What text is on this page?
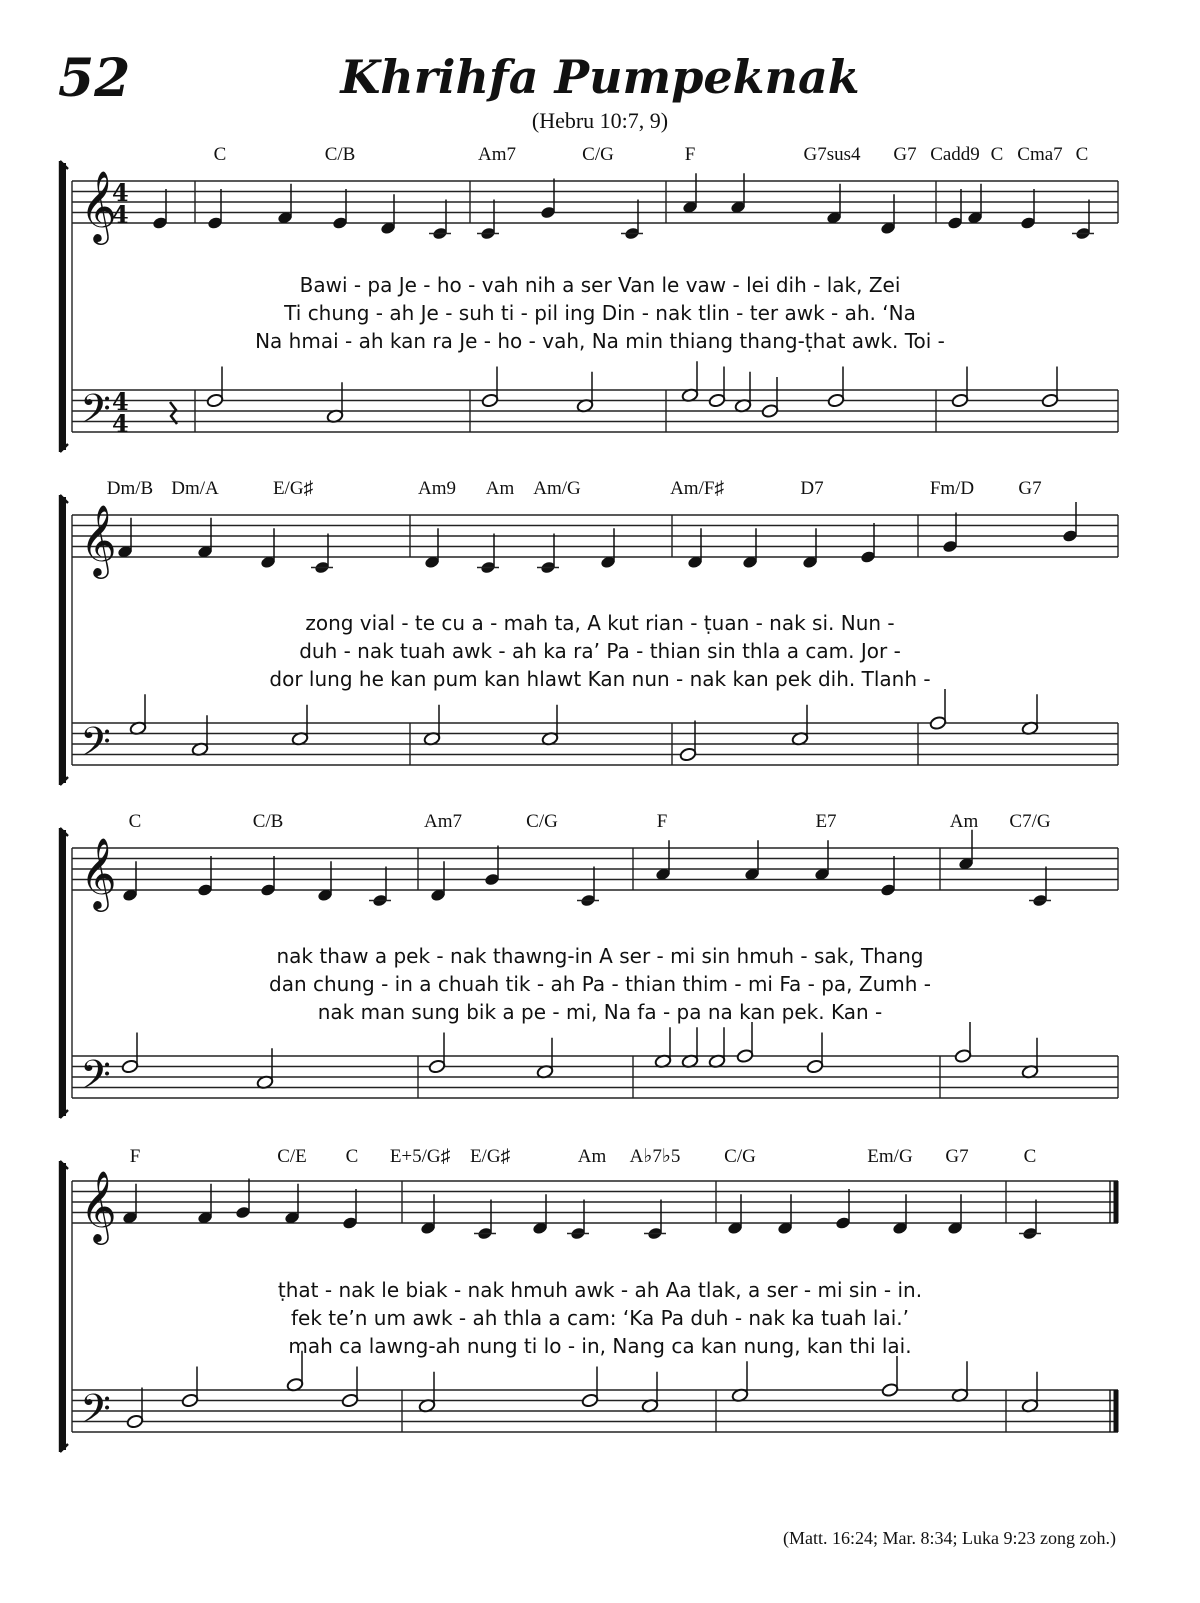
52	Khrihfa Pumpeknak
(Hebru 10:7, 9)
𝄞
𝄢
4
4
4
4
𝄞
𝄢
𝄞
𝄢
𝄞
𝄢
C	C/B	Am7	C/G	F	G7sus4 G7 Cadd9 C Cma7 C
Bawi - pa Je - ho - vah nih a ser Van le vaw - lei dih - lak, Zei
Ti chung - ah Je - suh ti - pil ing Din - nak tlin - ter awk - ah. ‘Na
Na hmai - ah kan ra Je - ho - vah, Na min thiang thang-ṭhat awk. Toi -
Dm/B Dm/A	E/G♯	Am9 Am Am/G	Am/F♯	D7	Fm/D G7
zong vial - te cu a - mah ta, A kut rian - ṭuan - nak si. Nun -
duh - nak tuah awk - ah ka ra’ Pa - thian sin thla a cam. Jor -
dor lung he kan pum kan hlawt Kan nun - nak kan pek dih. Tlanh -
C	C/B	Am7	C/G	F	E7	Am C7/G
nak thaw a pek - nak thawng-in A ser - mi sin hmuh - sak, Thang
dan chung - in a chuah tik - ah Pa - thian thim - mi Fa - pa, Zumh -
nak man sung bik a pe - mi, Na fa - pa na kan pek. Kan -
F	C/E C E+5/G♯ E/G♯	Am A♭7♭5 C/G	Em/G G7	C
ṭhat - nak le biak - nak hmuh awk - ah Aa tlak, a ser - mi sin - in.
fek te’n um awk - ah thla a cam: ‘Ka Pa duh - nak ka tuah lai.’
mah ca lawng-ah nung ti lo - in, Nang ca kan nung, kan thi lai.
(Matt. 16:24; Mar. 8:34; Luka 9:23 zong zoh.)
